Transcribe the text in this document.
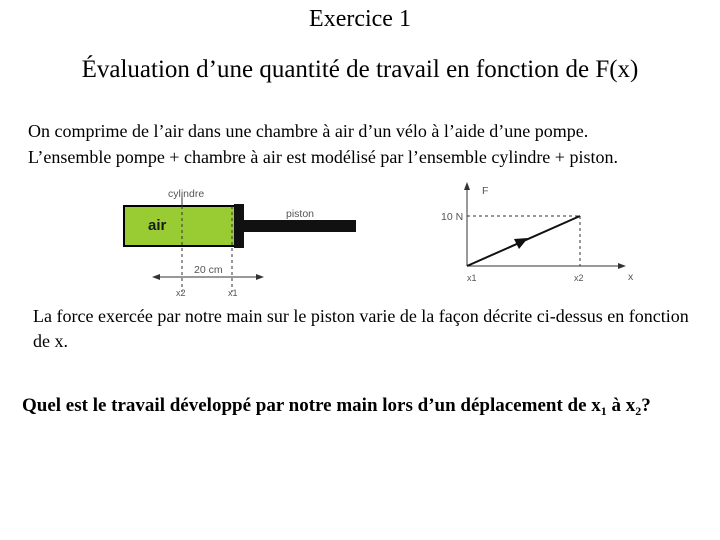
Exercice 1
Évaluation d’une quantité de travail en fonction de F(x)
On comprime de l’air dans une chambre à air d’un vélo à l’aide d’une pompe.
L’ensemble pompe + chambre à air est modélisé par l’ensemble cylindre + piston.
cylindre
piston
air
20 cm
x2	x1
F
x
10 N
x1	x2
La force exercée par notre main sur le piston varie de la façon décrite ci-dessus en fonction de x.
Quel est le travail développé par notre main lors d’un déplacement de $x_1$ à $x_2$?
